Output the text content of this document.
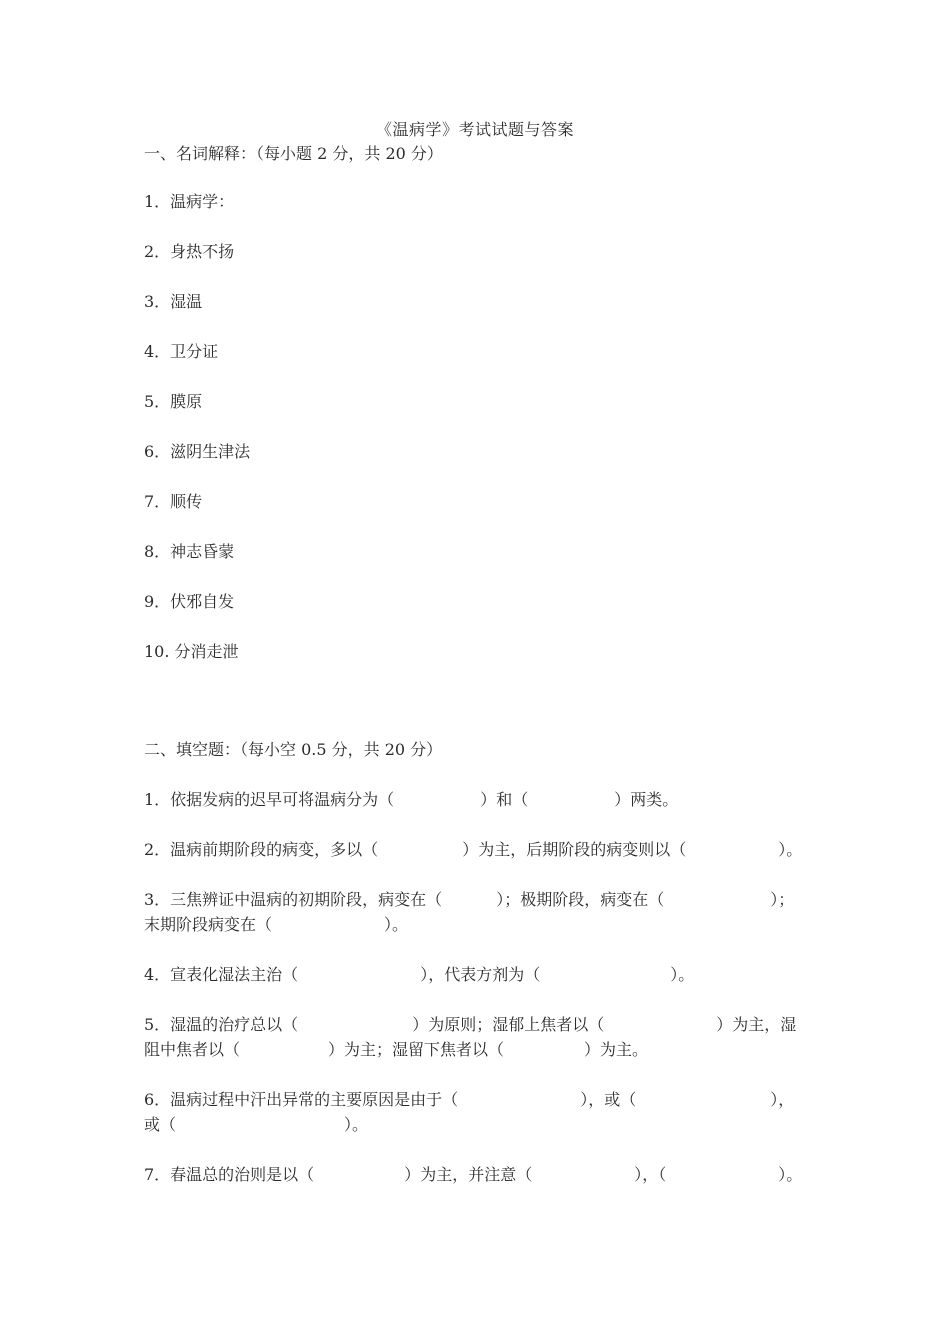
《温病学》考试试题与答案
一、名词解释：（每小题 2 分，共 20 分）
1．温病学：
2．身热不扬
3．湿温
4．卫分证
5．膜原
6．滋阴生津法
7．顺传
8．神志昏蒙
9．伏邪自发
10. 分消走泄
二、填空题：（每小空 0.5 分，共 20 分）
1．依据发病的迟早可将温病分为（	）和（	）两类。
2．温病前期阶段的病变，多以（	）为主，后期阶段的病变则以（	）。
3．三焦辨证中温病的初期阶段，病变在（	）；极期阶段，病变在（	）；
末期阶段病变在（	）。
4．宣表化湿法主治（	），代表方剂为（	）。
5．湿温的治疗总以（	）为原则；湿郁上焦者以（	）为主，湿
阻中焦者以（	）为主；湿留下焦者以（	）为主。
6．温病过程中汗出异常的主要原因是由于（	），或（	），
或（	）。
7．春温总的治则是以（	）为主，并注意（	），（	）。
